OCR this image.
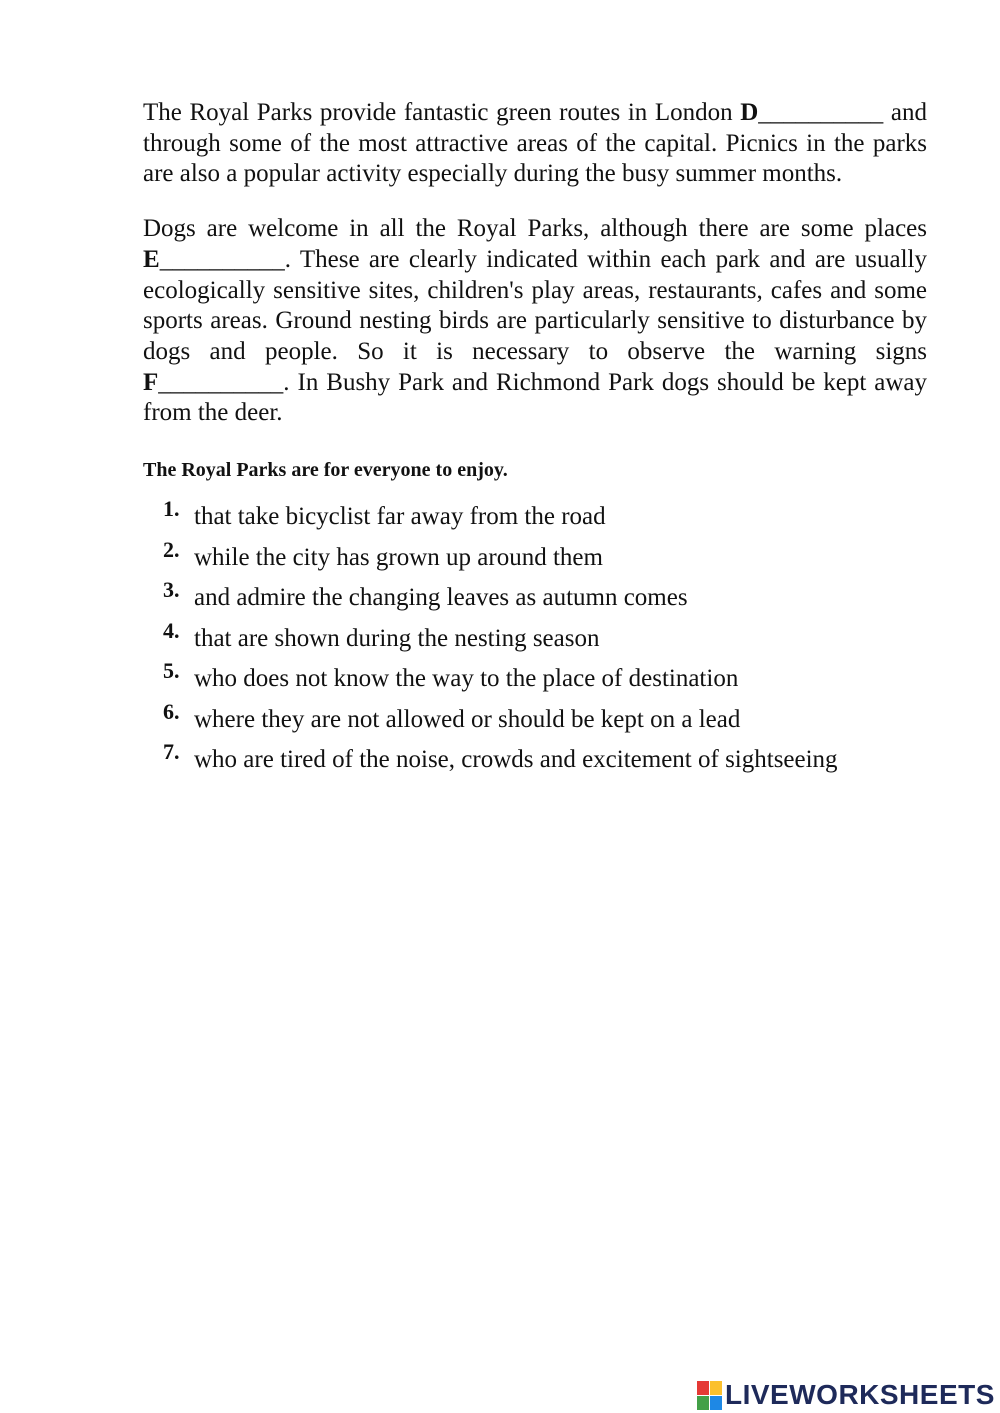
The Royal Parks provide fantastic green routes in London D__________ and through some of the most attractive areas of the capital. Picnics in the parks are also a popular activity especially during the busy summer months.

Dogs are welcome in all the Royal Parks, although there are some places E__________. These are clearly indicated within each park and are usually ecologically sensitive sites, children's play areas, restaurants, cafes and some sports areas. Ground nesting birds are particularly sensitive to disturbance by dogs and people. So it is necessary to observe the warning signs F__________. In Bushy Park and Richmond Park dogs should be kept away from the deer.

The Royal Parks are for everyone to enjoy.

1. that take bicyclist far away from the road
2. while the city has grown up around them
3. and admire the changing leaves as autumn comes
4. that are shown during the nesting season
5. who does not know the way to the place of destination
6. where they are not allowed or should be kept on a lead
7. who are tired of the noise, crowds and excitement of sightseeing
LIVEWORKSHEETS
